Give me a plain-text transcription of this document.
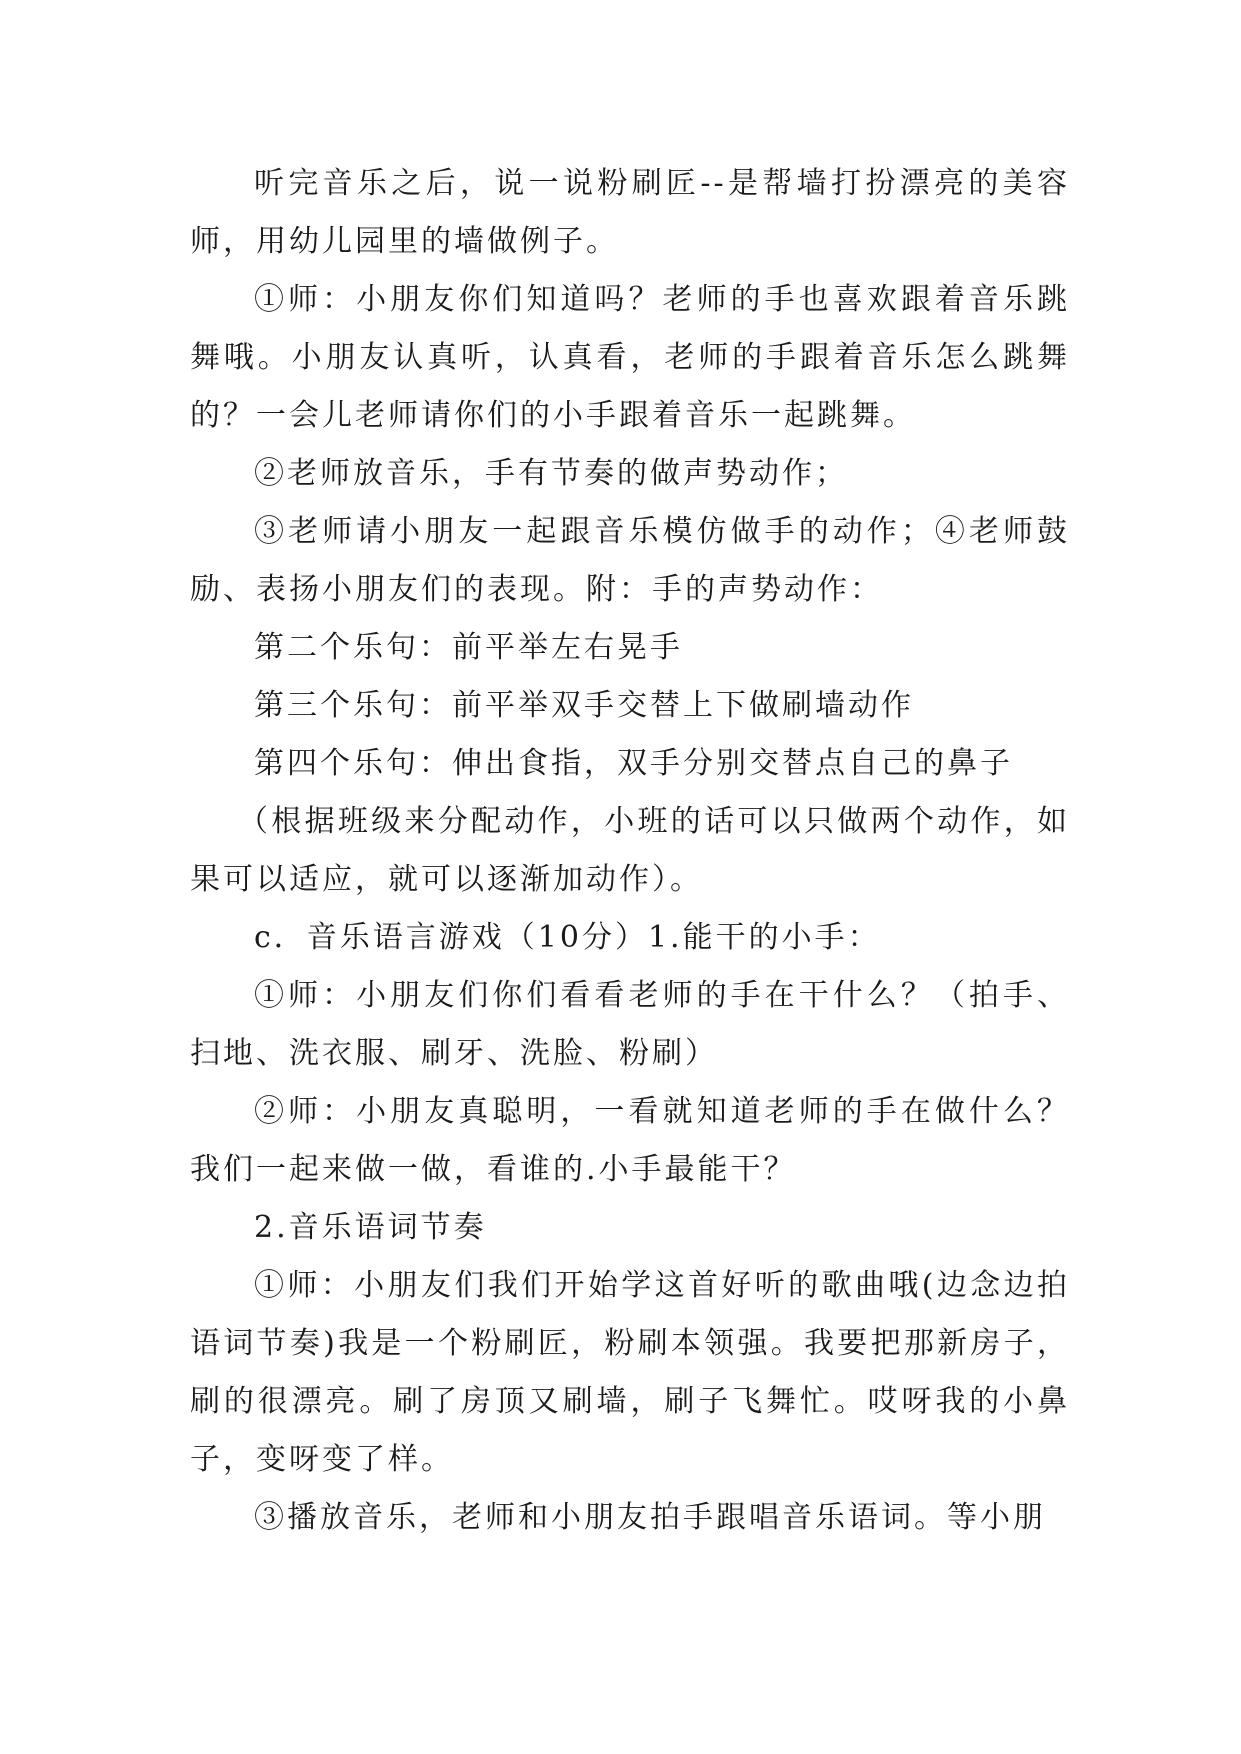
听完音乐之后，说一说粉刷匠--是帮墙打扮漂亮的美容师，用幼儿园里的墙做例子。

①师：小朋友你们知道吗？老师的手也喜欢跟着音乐跳舞哦。小朋友认真听，认真看，老师的手跟着音乐怎么跳舞的？一会儿老师请你们的小手跟着音乐一起跳舞。

②老师放音乐，手有节奏的做声势动作；

③老师请小朋友一起跟音乐模仿做手的动作；④老师鼓励、表扬小朋友们的表现。附：手的声势动作：

第二个乐句：前平举左右晃手

第三个乐句：前平举双手交替上下做刷墙动作

第四个乐句：伸出食指，双手分别交替点自己的鼻子

（根据班级来分配动作，小班的话可以只做两个动作，如果可以适应，就可以逐渐加动作）。

c．音乐语言游戏（10分）1.能干的小手：

①师：小朋友们你们看看老师的手在干什么？（拍手、扫地、洗衣服、刷牙、洗脸、粉刷）

②师：小朋友真聪明，一看就知道老师的手在做什么？我们一起来做一做，看谁的.小手最能干？

2.音乐语词节奏

①师：小朋友们我们开始学这首好听的歌曲哦(边念边拍语词节奏)我是一个粉刷匠，粉刷本领强。我要把那新房子，刷的很漂亮。刷了房顶又刷墙，刷子飞舞忙。哎呀我的小鼻子，变呀变了样。

③播放音乐，老师和小朋友拍手跟唱音乐语词。等小朋
